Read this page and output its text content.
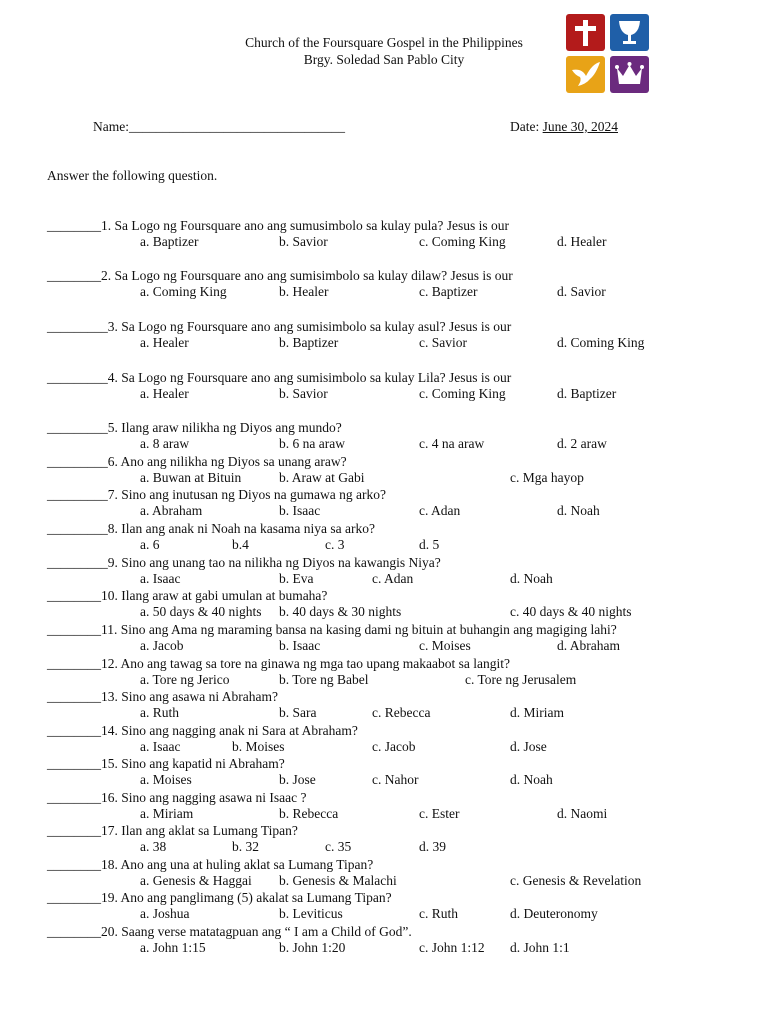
Church of the Foursquare Gospel in the Philippines
Brgy. Soledad San Pablo City
Name:________________________________	Date: June 30, 2024
Answer the following question.
________1. Sa Logo ng Foursquare ano ang sumusimbolo sa kulay pula? Jesus is our
a. Baptizer	b. Savior	c. Coming King	d. Healer
________2. Sa Logo ng Foursquare ano ang sumisimbolo sa kulay dilaw? Jesus is our
a. Coming King	b. Healer	c. Baptizer	d. Savior
_________3. Sa Logo ng Foursquare ano ang sumisimbolo sa kulay asul? Jesus is our
a. Healer	b. Baptizer	c. Savior	d. Coming King
_________4. Sa Logo ng Foursquare ano ang sumisimbolo sa kulay Lila? Jesus is our
a. Healer	b. Savior	c. Coming King	d. Baptizer
_________5. Ilang araw nilikha ng Diyos ang mundo?
a. 8 araw	b. 6 na araw	c. 4 na araw	d. 2 araw
_________6. Ano ang nilikha ng Diyos sa unang araw?
a. Buwan at Bituin	b. Araw at Gabi	c. Mga hayop
_________7. Sino ang inutusan ng Diyos na gumawa ng arko?
a. Abraham	b. Isaac	c. Adan	d. Noah
_________8. Ilan ang anak ni Noah na kasama niya sa arko?
a. 6	b.4	c. 3	d. 5
_________9. Sino ang unang tao na nilikha ng Diyos na kawangis Niya?
a. Isaac	b. Eva	c. Adan	d. Noah
________10. Ilang araw at gabi umulan at bumaha?
a. 50 days & 40 nights b. 40 days & 30 nights	c. 40 days & 40 nights
________11. Sino ang Ama ng maraming bansa na kasing dami ng bituin at buhangin ang magiging lahi?
a. Jacob	b. Isaac	c. Moises	d. Abraham
________12. Ano ang tawag sa tore na ginawa ng mga tao upang makaabot sa langit?
a. Tore ng Jerico	b. Tore ng Babel	c. Tore ng Jerusalem
________13. Sino ang asawa ni Abraham?
a. Ruth	b. Sara	c. Rebecca	d. Miriam
________14. Sino ang nagging anak ni Sara at Abraham?
a. Isaac	b. Moises	c. Jacob	d. Jose
________15. Sino ang kapatid ni Abraham?
a. Moises	b. Jose	c. Nahor	d. Noah
________16. Sino ang nagging asawa ni Isaac ?
a. Miriam	b. Rebecca	c. Ester	d. Naomi
________17. Ilan ang aklat sa Lumang Tipan?
a. 38	b. 32	c. 35	d. 39
________18. Ano ang una at huling aklat sa Lumang Tipan?
a. Genesis & Haggai b. Genesis & Malachi	c. Genesis & Revelation
________19. Ano ang panglimang (5) akalat sa Lumang Tipan?
a. Joshua	b. Leviticus	c. Ruth	d. Deuteronomy
________20. Saang verse matatagpuan ang “ I am a Child of God”.
a. John 1:15	b. John 1:20	c. John 1:12 d. John 1:1
